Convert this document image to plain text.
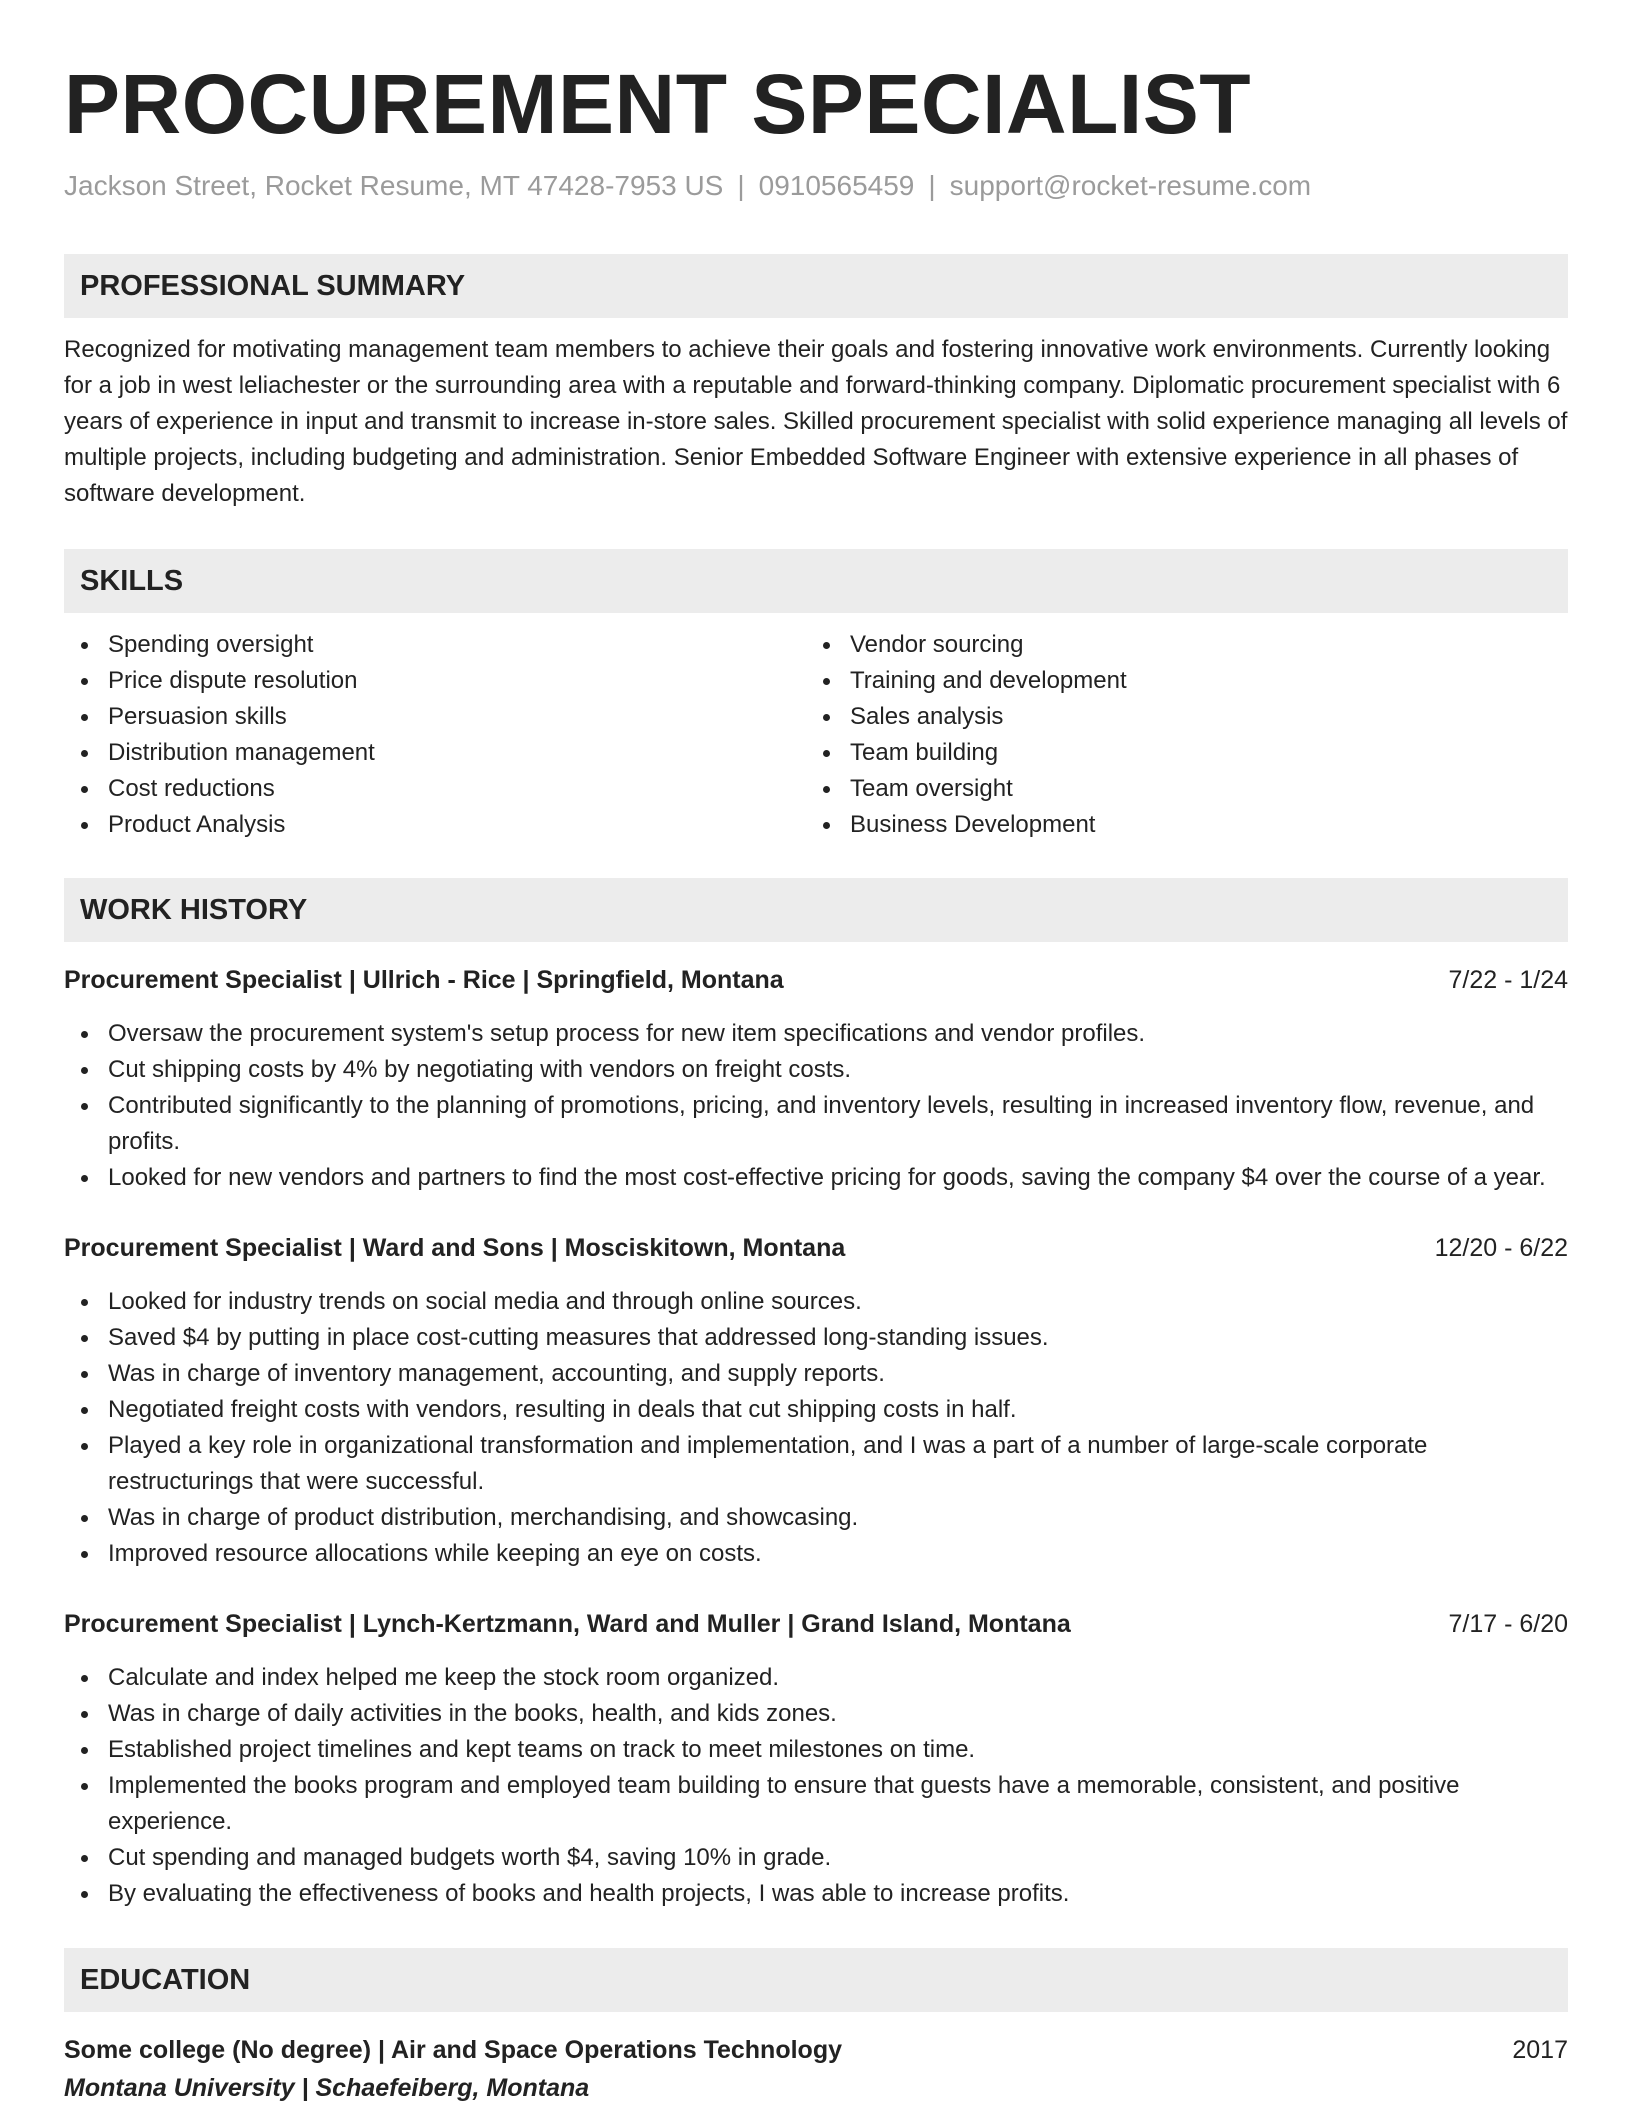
PROCUREMENT SPECIALIST
Jackson Street, Rocket Resume, MT 47428-7953 US | 0910565459 | support@rocket-resume.com
PROFESSIONAL SUMMARY
Recognized for motivating management team members to achieve their goals and fostering innovative work environments. Currently looking for a job in west leliachester or the surrounding area with a reputable and forward-thinking company. Diplomatic procurement specialist with 6 years of experience in input and transmit to increase in-store sales. Skilled procurement specialist with solid experience managing all levels of multiple projects, including budgeting and administration. Senior Embedded Software Engineer with extensive experience in all phases of software development.
SKILLS
Spending oversight
Price dispute resolution
Persuasion skills
Distribution management
Cost reductions
Product Analysis
Vendor sourcing
Training and development
Sales analysis
Team building
Team oversight
Business Development
WORK HISTORY
Procurement Specialist | Ullrich - Rice | Springfield, Montana	7/22 - 1/24
Oversaw the procurement system's setup process for new item specifications and vendor profiles.
Cut shipping costs by 4% by negotiating with vendors on freight costs.
Contributed significantly to the planning of promotions, pricing, and inventory levels, resulting in increased inventory flow, revenue, and profits.
Looked for new vendors and partners to find the most cost-effective pricing for goods, saving the company $4 over the course of a year.
Procurement Specialist | Ward and Sons | Mosciskitown, Montana	12/20 - 6/22
Looked for industry trends on social media and through online sources.
Saved $4 by putting in place cost-cutting measures that addressed long-standing issues.
Was in charge of inventory management, accounting, and supply reports.
Negotiated freight costs with vendors, resulting in deals that cut shipping costs in half.
Played a key role in organizational transformation and implementation, and I was a part of a number of large-scale corporate restructurings that were successful.
Was in charge of product distribution, merchandising, and showcasing.
Improved resource allocations while keeping an eye on costs.
Procurement Specialist | Lynch-Kertzmann, Ward and Muller | Grand Island, Montana	7/17 - 6/20
Calculate and index helped me keep the stock room organized.
Was in charge of daily activities in the books, health, and kids zones.
Established project timelines and kept teams on track to meet milestones on time.
Implemented the books program and employed team building to ensure that guests have a memorable, consistent, and positive experience.
Cut spending and managed budgets worth $4, saving 10% in grade.
By evaluating the effectiveness of books and health projects, I was able to increase profits.
EDUCATION
Some college (No degree) | Air and Space Operations Technology	2017
Montana University | Schaefeiberg, Montana
